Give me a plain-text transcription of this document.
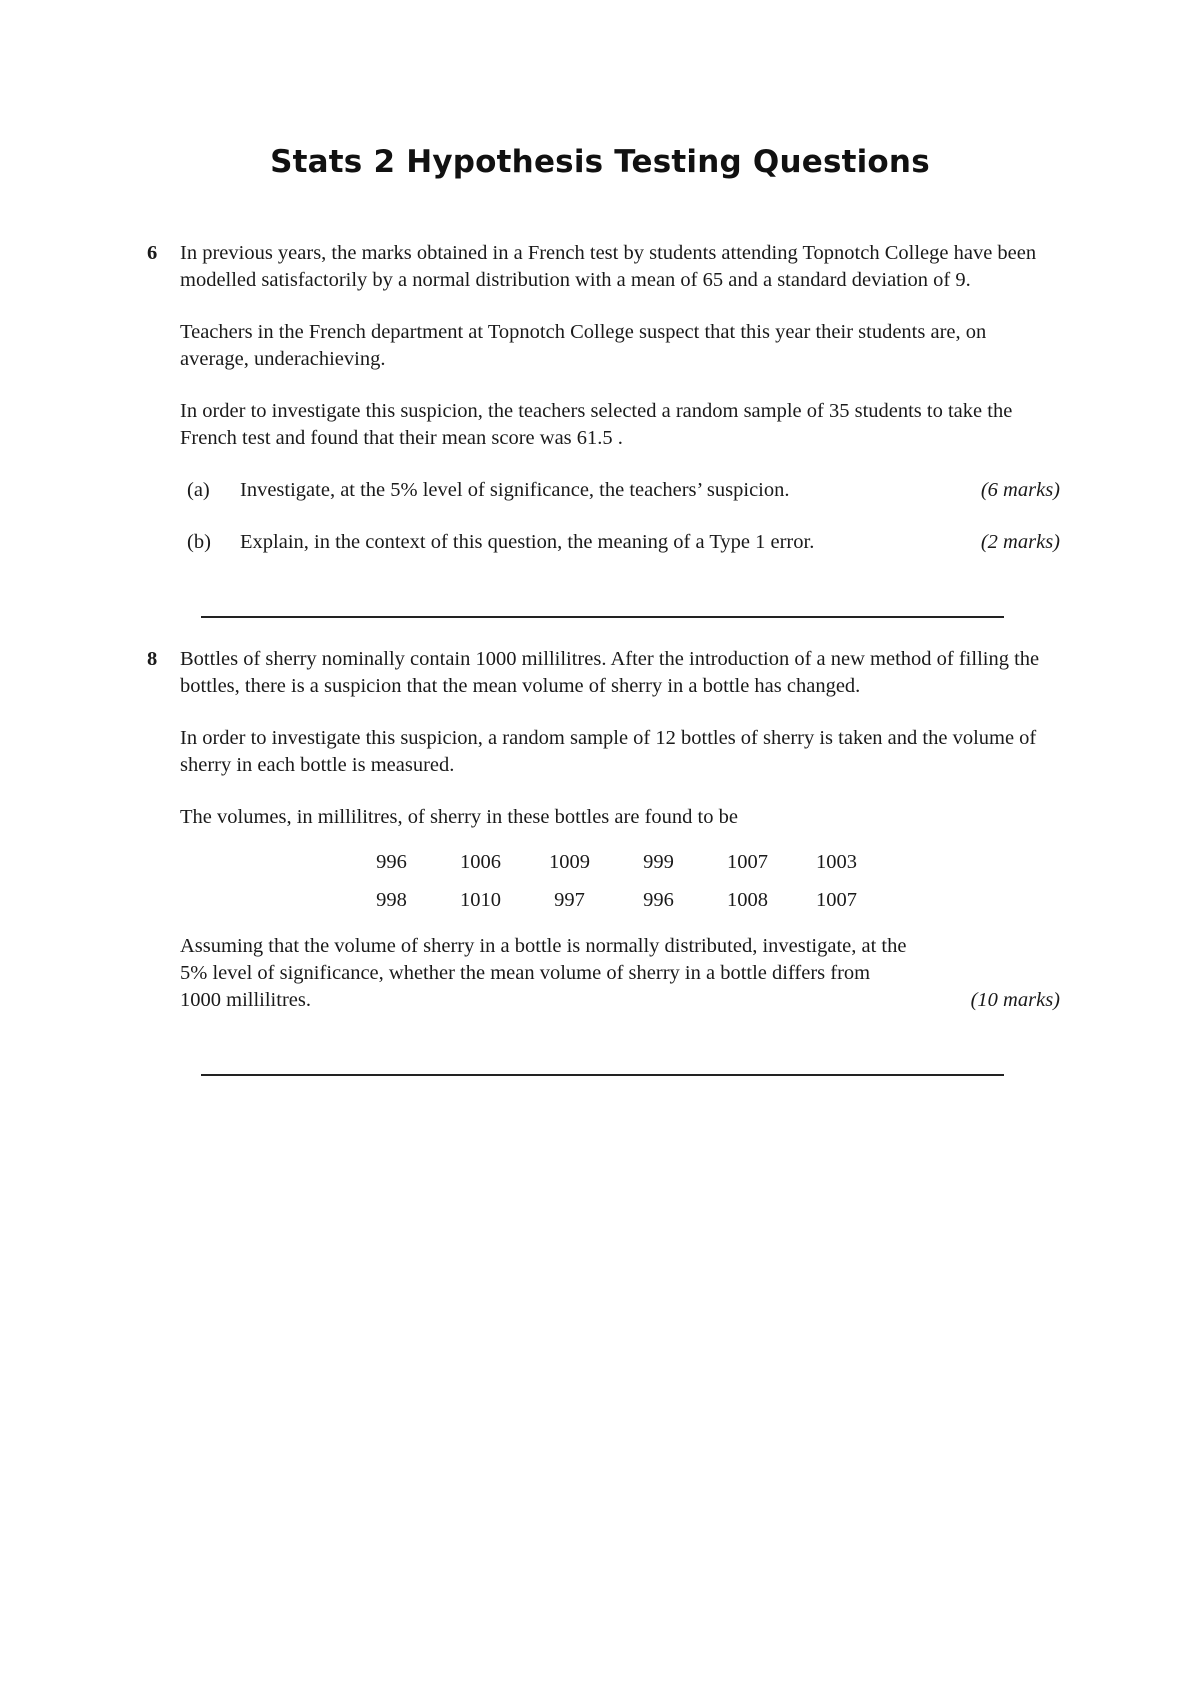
Stats 2 Hypothesis Testing Questions
6	In previous years, the marks obtained in a French test by students attending Topnotch College have been modelled satisfactorily by a normal distribution with a mean of 65 and a standard deviation of 9.

Teachers in the French department at Topnotch College suspect that this year their students are, on average, underachieving.

In order to investigate this suspicion, the teachers selected a random sample of 35 students to take the French test and found that their mean score was 61.5 .

(a) Investigate, at the 5% level of significance, the teachers’ suspicion.	(6 marks)
(b) Explain, in the context of this question, the meaning of a Type 1 error.	(2 marks)
8	Bottles of sherry nominally contain 1000 millilitres. After the introduction of a new method of filling the bottles, there is a suspicion that the mean volume of sherry in a bottle has changed.

In order to investigate this suspicion, a random sample of 12 bottles of sherry is taken and the volume of sherry in each bottle is measured.

The volumes, in millilitres, of sherry in these bottles are found to be

996	1006	1009	999	1007	1003
998	1010	997	996	1008	1007
Assuming that the volume of sherry in a bottle is normally distributed, investigate, at the
5% level of significance, whether the mean volume of sherry in a bottle differs from
1000 millilitres.	(10 marks)
